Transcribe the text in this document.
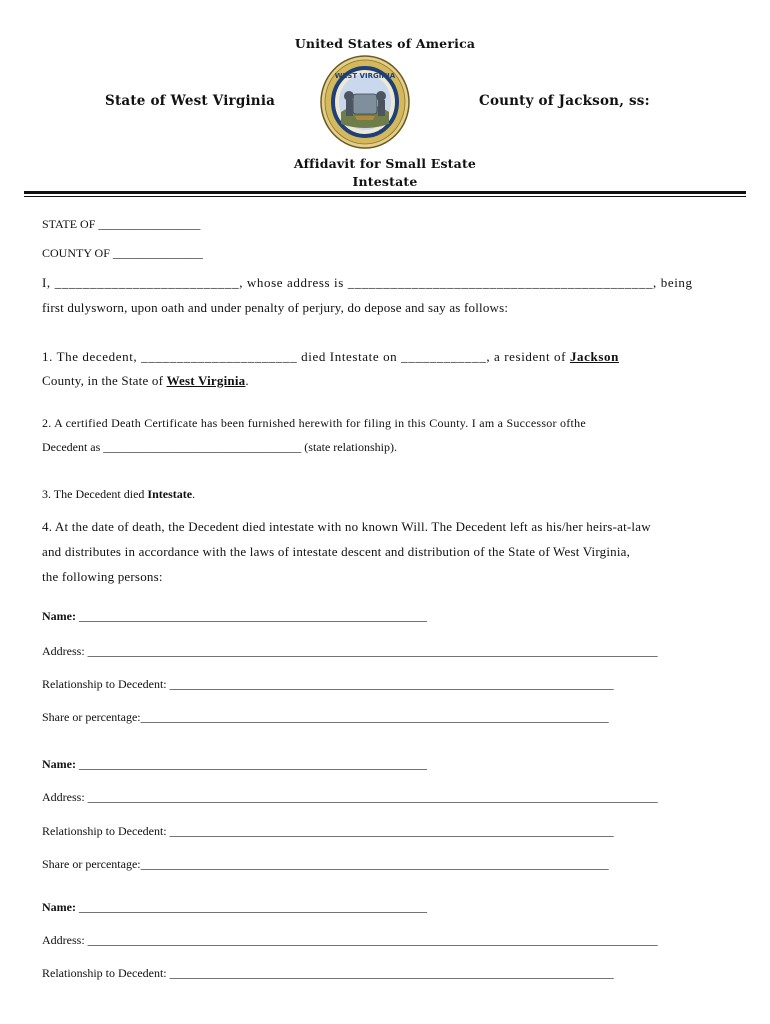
United States of America
State of West Virginia	County of Jackson, ss:
WEST VIRGINIA
Affidavit for Small Estate
Intestate
STATE OF _________________
COUNTY OF _______________
I, __________________________, whose address is ___________________________________________, being
first dulysworn, upon oath and under penalty of perjury, do depose and say as follows:
1. The decedent, ______________________ died Intestate on ____________, a resident of Jackson
County, in the State of West Virginia.
2. A certified Death Certificate has been furnished herewith for filing in this County. I am a Successor ofthe
Decedent as _________________________________ (state relationship).
3. The Decedent died Intestate.
4. At the date of death, the Decedent died intestate with no known Will. The Decedent left as his/her heirs-at-law
and distributes in accordance with the laws of intestate descent and distribution of the State of West Virginia,
the following persons:
Name: __________________________________________________________
Address: _______________________________________________________________________________________________
Relationship to Decedent: __________________________________________________________________________
Share or percentage:______________________________________________________________________________
Name: __________________________________________________________
Address: _______________________________________________________________________________________________
Relationship to Decedent: __________________________________________________________________________
Share or percentage:______________________________________________________________________________
Name: __________________________________________________________
Address: _______________________________________________________________________________________________
Relationship to Decedent: __________________________________________________________________________
